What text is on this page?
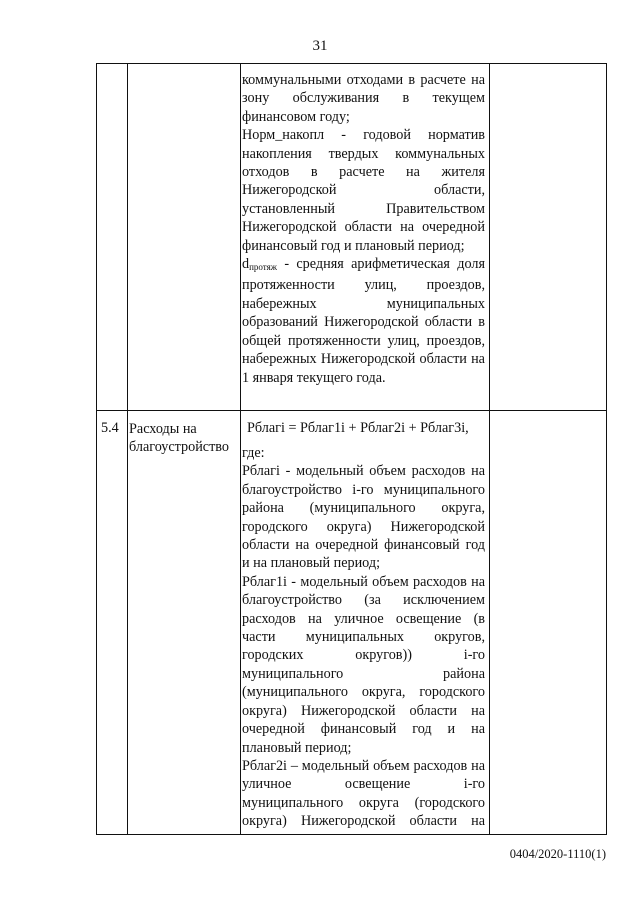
31

коммунальными отходами в расчете на зону обслуживания в текущем финансовом году;

Норм_накопл - годовой норматив накопления твердых коммунальных отходов в расчете на жителя Нижегородской области, установленный Правительством Нижегородской области на очередной финансовый год и плановый период;

$d_{протяж}$ - средняя арифметическая доля протяженности улиц, проездов, набережных муниципальных образований Нижегородской области в общей протяженности улиц, проездов, набережных Нижегородской области на 1 января текущего года.

5.4 Расходы на благоустройство
Рблагi = Рблаг1i + Рблаг2i + Рблаг3i,

где:

Рблагi - модельный объем расходов на благоустройство i-го муниципального района (муниципального округа, городского округа) Нижегородской области на очередной финансовый год и на плановый период;

Рблаг1i - модельный объем расходов на благоустройство (за исключением расходов на уличное освещение (в части муниципальных округов, городских округов)) i-го муниципального района (муниципального округа, городского округа) Нижегородской области на очередной финансовый год и на плановый период;

Рблаг2i – модельный объем расходов на уличное освещение i-го муниципального округа (городского округа) Нижегородской области на

0404/2020-1110(1)
